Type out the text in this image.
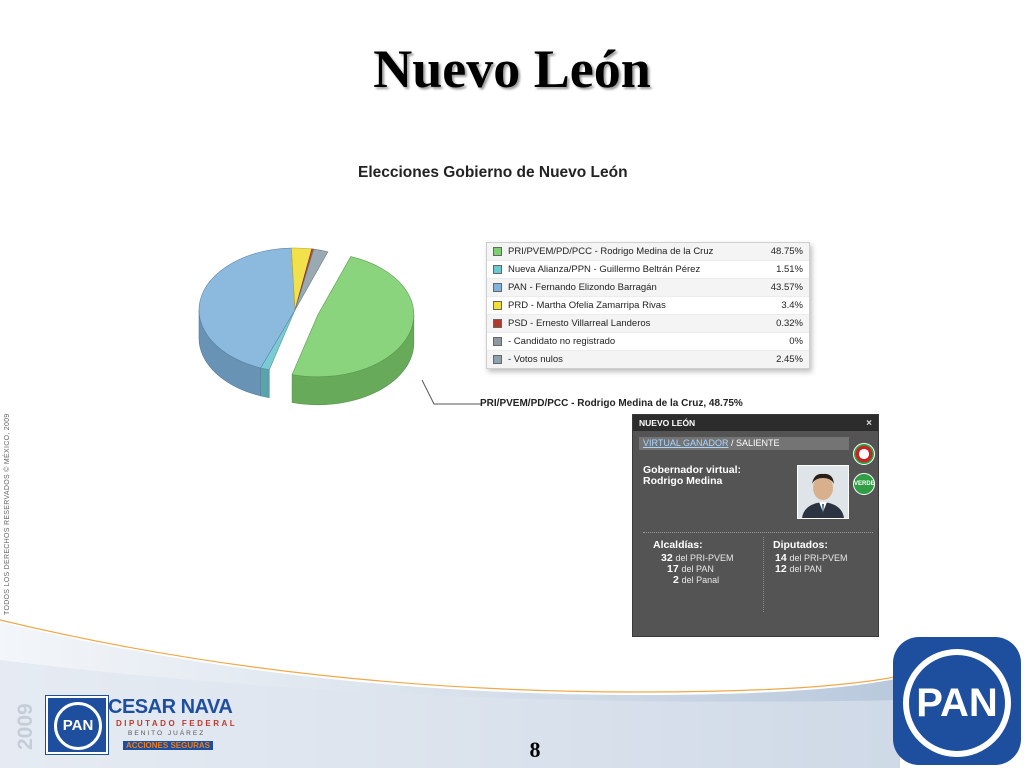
Nuevo León
Elecciones Gobierno de Nuevo León
PRI/PVEM/PD/PCC - Rodrigo Medina de la Cruz	48.75%
Nueva Alianza/PPN - Guillermo Beltrán Pérez	1.51%
PAN - Fernando Elizondo Barragán	43.57%
PRD - Martha Ofelia Zamarripa Rivas	3.4%
PSD - Ernesto Villarreal Landeros	0.32%
- Candidato no registrado	0%
- Votos nulos	2.45%
PRI/PVEM/PD/PCC - Rodrigo Medina de la Cruz, 48.75%
TODOS LOS DERECHOS RESERVADOS © MÉXICO, 2009	NUEVO LEÓN	×
VIRTUAL GANADOR / SALIENTE
VERDE
Gobernador virtual:
Rodrigo Medina
Alcaldías:
32 del PRI-PVEM
17 del PAN
2 del Panal
Diputados:
14 del PRI-PVEM
12 del PAN
2009	PAN
CESAR NAVA
DIPUTADO FEDERAL
BENITO JUÁREZ
ACCIONES SEGURAS	8
PAN
